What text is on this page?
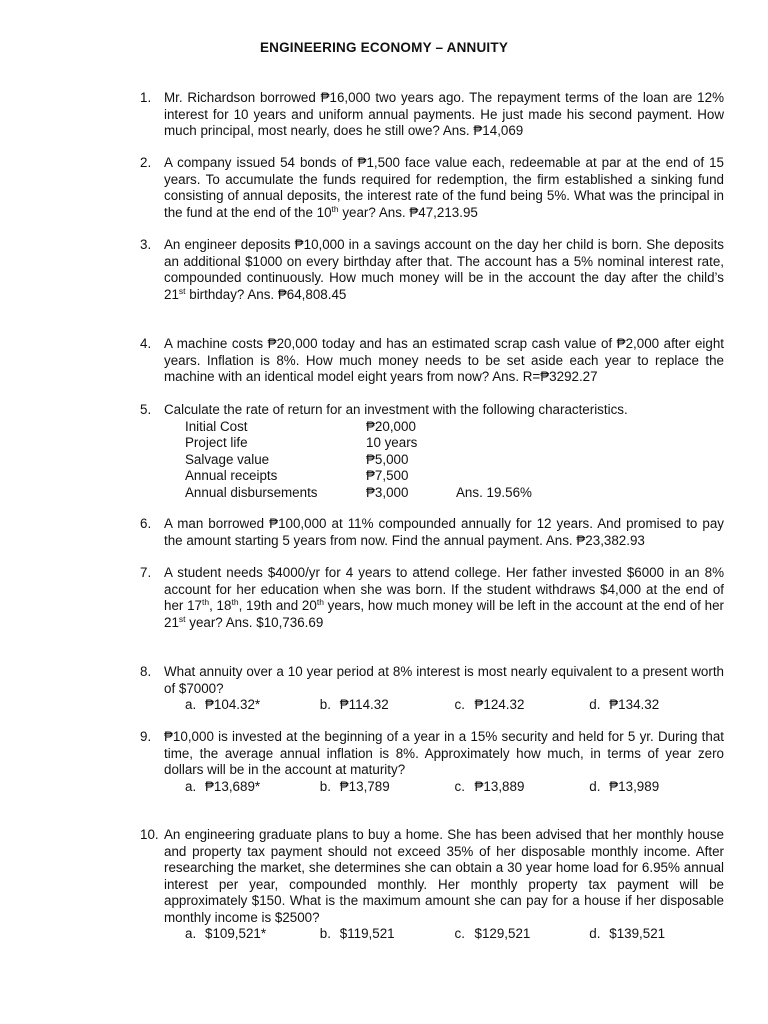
ENGINEERING ECONOMY – ANNUITY
1. Mr. Richardson borrowed ₱16,000 two years ago. The repayment terms of the loan are 12% interest for 10 years and uniform annual payments. He just made his second payment. How much principal, most nearly, does he still owe? Ans. ₱14,069
2. A company issued 54 bonds of ₱1,500 face value each, redeemable at par at the end of 15 years. To accumulate the funds required for redemption, the firm established a sinking fund consisting of annual deposits, the interest rate of the fund being 5%. What was the principal in the fund at the end of the 10th year? Ans. ₱47,213.95
3. An engineer deposits ₱10,000 in a savings account on the day her child is born. She deposits an additional $1000 on every birthday after that. The account has a 5% nominal interest rate, compounded continuously. How much money will be in the account the day after the child’s 21st birthday? Ans. ₱64,808.45
4. A machine costs ₱20,000 today and has an estimated scrap cash value of ₱2,000 after eight years. Inflation is 8%. How much money needs to be set aside each year to replace the machine with an identical model eight years from now? Ans. R=₱3292.27
5. Calculate the rate of return for an investment with the following characteristics.
Initial Cost	₱20,000
Project life	10 years
Salvage value	₱5,000
Annual receipts	₱7,500
Annual disbursements	₱3,000	Ans. 19.56%
6. A man borrowed ₱100,000 at 11% compounded annually for 12 years. And promised to pay the amount starting 5 years from now. Find the annual payment. Ans. ₱23,382.93
7. A student needs $4000/yr for 4 years to attend college. Her father invested $6000 in an 8% account for her education when she was born. If the student withdraws $4,000 at the end of her 17th, 18th, 19th and 20th years, how much money will be left in the account at the end of her 21st year? Ans. $10,736.69
8. What annuity over a 10 year period at 8% interest is most nearly equivalent to a present worth of $7000?
a. ₱104.32*	b. ₱114.32	c. ₱124.32	d. ₱134.32
9. ₱10,000 is invested at the beginning of a year in a 15% security and held for 5 yr. During that time, the average annual inflation is 8%. Approximately how much, in terms of year zero dollars will be in the account at maturity?
a. ₱13,689*	b. ₱13,789	c. ₱13,889	d. ₱13,989
10. An engineering graduate plans to buy a home. She has been advised that her monthly house and property tax payment should not exceed 35% of her disposable monthly income. After researching the market, she determines she can obtain a 30 year home load for 6.95% annual interest per year, compounded monthly. Her monthly property tax payment will be approximately $150. What is the maximum amount she can pay for a house if her disposable monthly income is $2500?
a. $109,521*	b. $119,521	c. $129,521	d. $139,521
